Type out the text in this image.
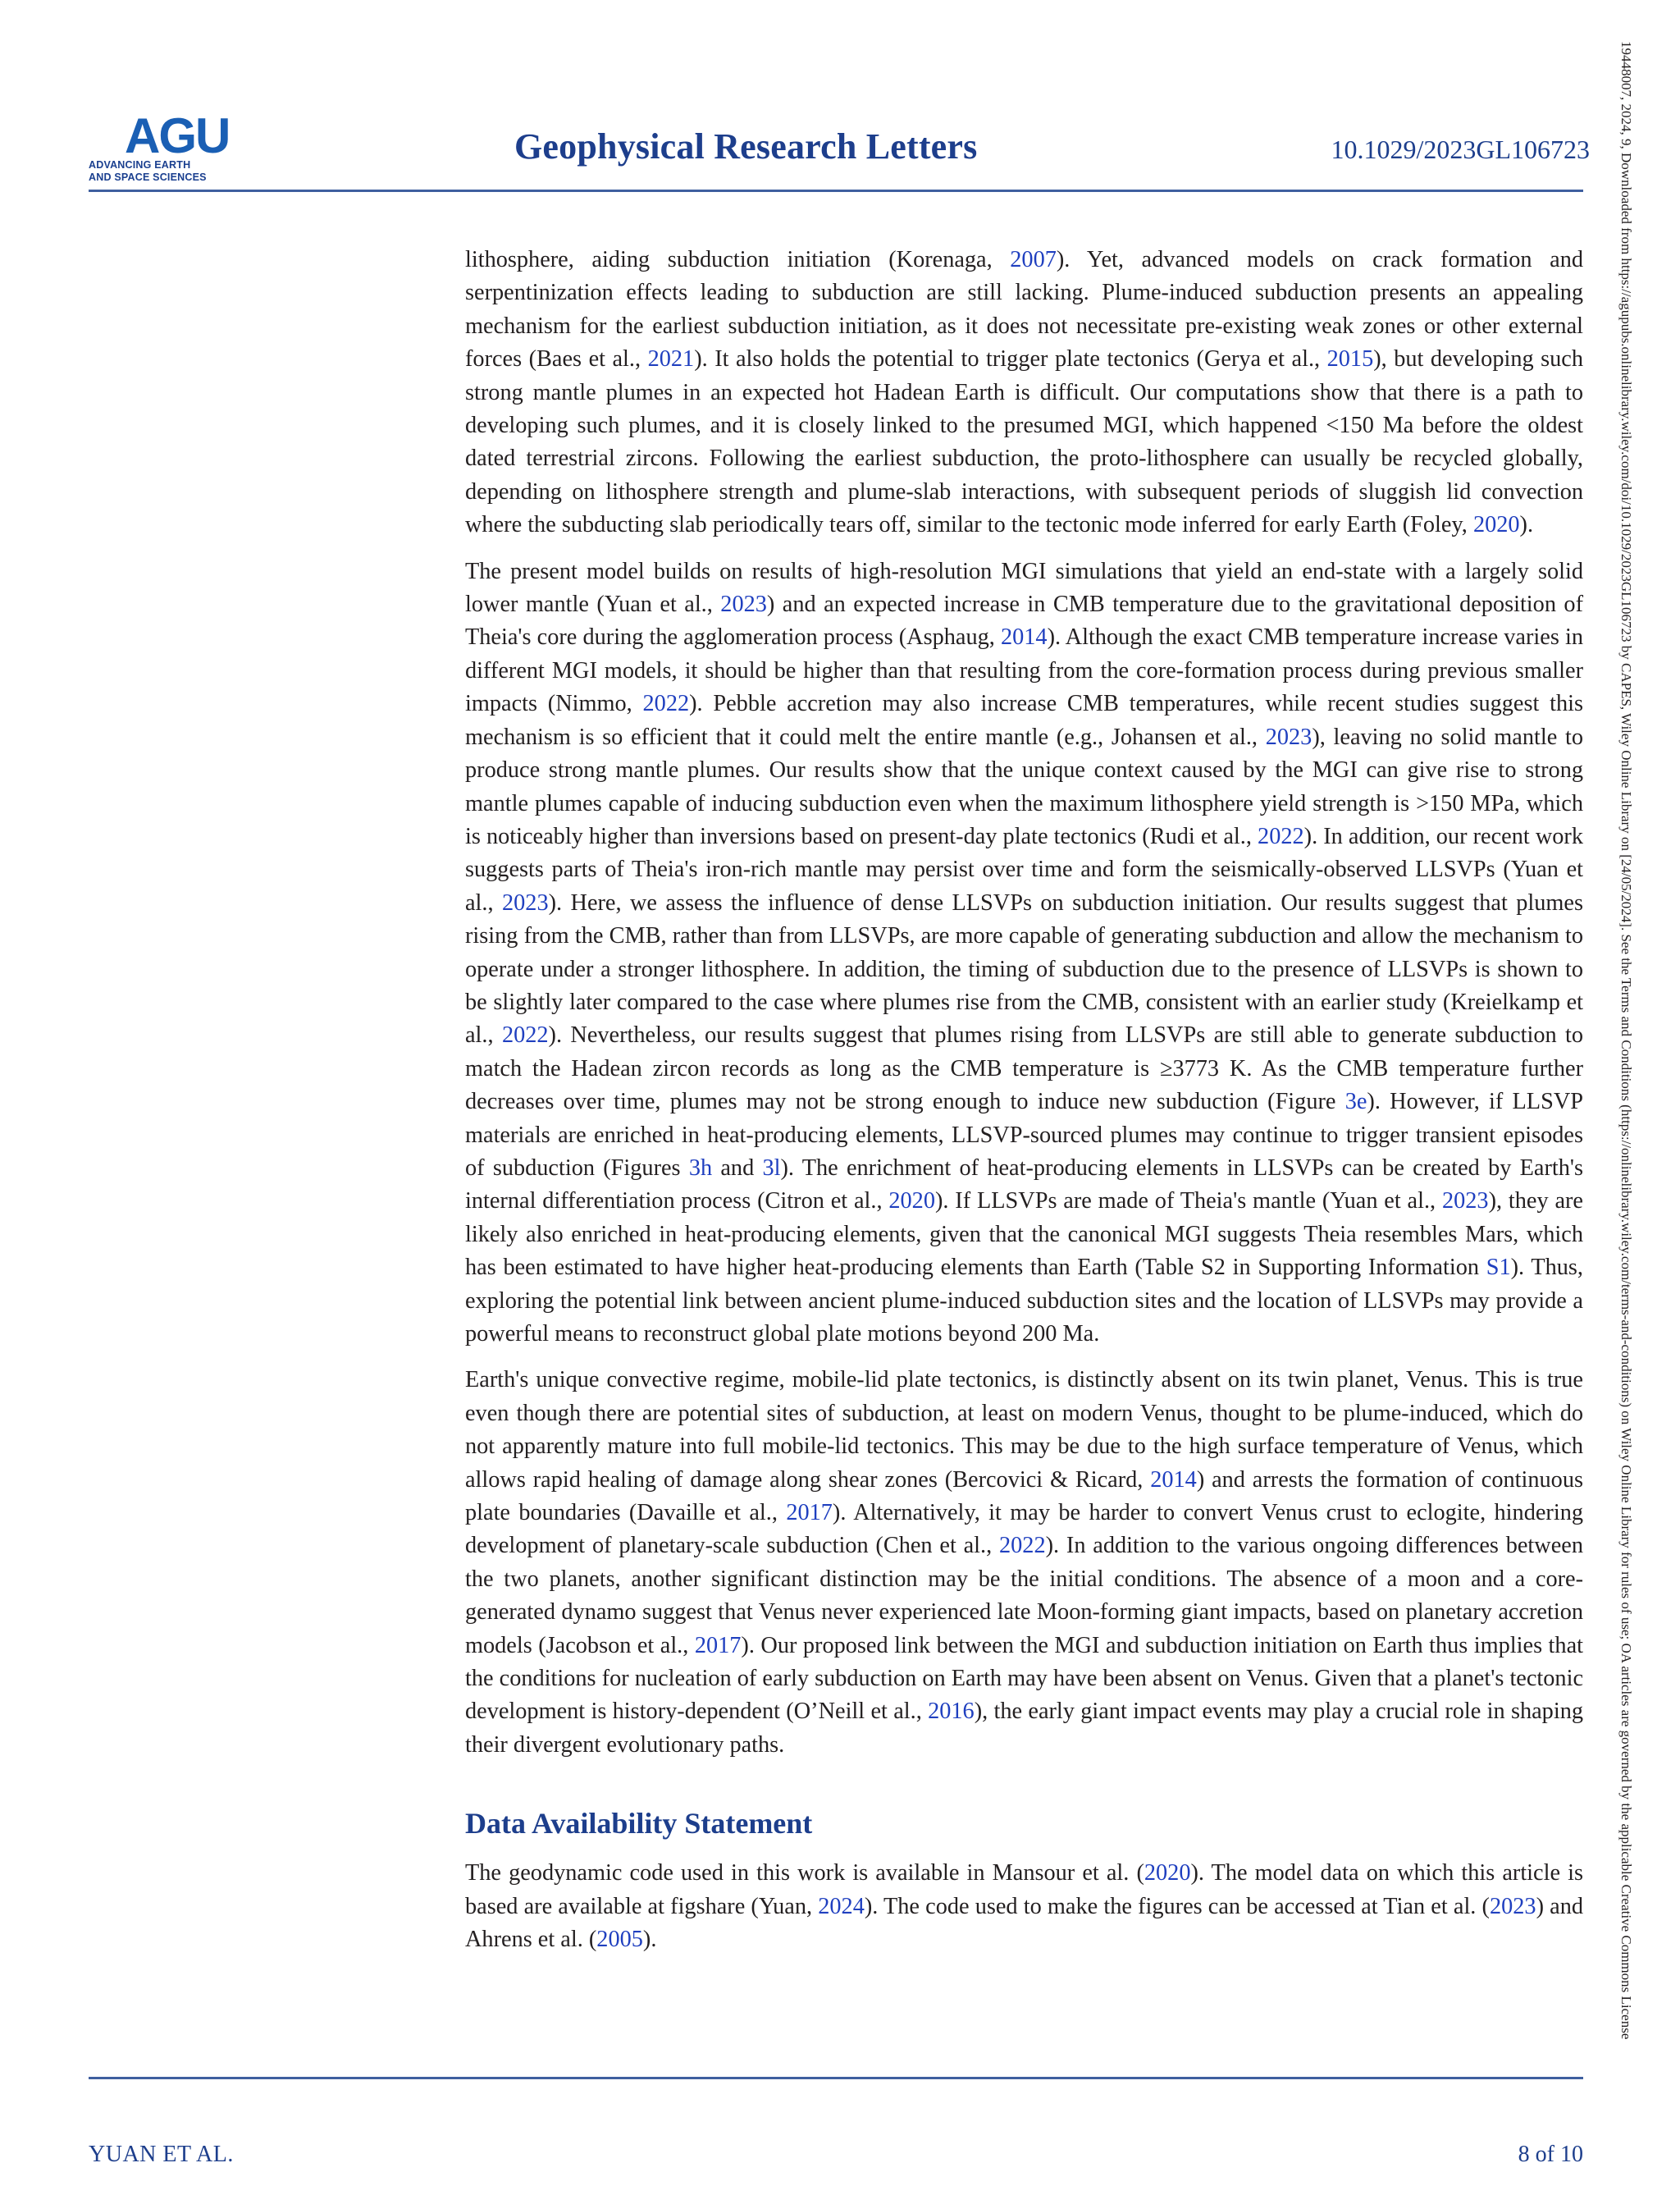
AGU
ADVANCING EARTH
AND SPACE SCIENCES
Geophysical Research Letters	10.1029/2023GL106723

lithosphere, aiding subduction initiation (Korenaga, 2007). Yet, advanced models on crack formation and serpentinization effects leading to subduction are still lacking. Plume-induced subduction presents an appealing mechanism for the earliest subduction initiation, as it does not necessitate pre-existing weak zones or other external forces (Baes et al., 2021). It also holds the potential to trigger plate tectonics (Gerya et al., 2015), but developing such strong mantle plumes in an expected hot Hadean Earth is difficult. Our computations show that there is a path to developing such plumes, and it is closely linked to the presumed MGI, which happened <150 Ma before the oldest dated terrestrial zircons. Following the earliest subduction, the proto-lithosphere can usually be recycled globally, depending on lithosphere strength and plume-slab interactions, with subsequent periods of sluggish lid convection where the subducting slab periodically tears off, similar to the tectonic mode inferred for early Earth (Foley, 2020).

The present model builds on results of high-resolution MGI simulations that yield an end-state with a largely solid lower mantle (Yuan et al., 2023) and an expected increase in CMB temperature due to the gravitational deposition of Theia's core during the agglomeration process (Asphaug, 2014). Although the exact CMB temperature increase varies in different MGI models, it should be higher than that resulting from the core-formation process during previous smaller impacts (Nimmo, 2022). Pebble accretion may also increase CMB temperatures, while recent studies suggest this mechanism is so efficient that it could melt the entire mantle (e.g., Johansen et al., 2023), leaving no solid mantle to produce strong mantle plumes. Our results show that the unique context caused by the MGI can give rise to strong mantle plumes capable of inducing subduction even when the maximum lithosphere yield strength is >150 MPa, which is noticeably higher than inversions based on present-day plate tectonics (Rudi et al., 2022). In addition, our recent work suggests parts of Theia's iron-rich mantle may persist over time and form the seismically-observed LLSVPs (Yuan et al., 2023). Here, we assess the influence of dense LLSVPs on subduction initiation. Our results suggest that plumes rising from the CMB, rather than from LLSVPs, are more capable of generating subduction and allow the mechanism to operate under a stronger lithosphere. In addition, the timing of subduction due to the presence of LLSVPs is shown to be slightly later compared to the case where plumes rise from the CMB, consistent with an earlier study (Kreielkamp et al., 2022). Nevertheless, our results suggest that plumes rising from LLSVPs are still able to generate subduction to match the Hadean zircon records as long as the CMB temperature is ≥3773 K. As the CMB temperature further decreases over time, plumes may not be strong enough to induce new subduction (Figure 3e). However, if LLSVP materials are enriched in heat-producing elements, LLSVP-sourced plumes may continue to trigger transient episodes of subduction (Figures 3h and 3l). The enrichment of heat-producing elements in LLSVPs can be created by Earth's internal differentiation process (Citron et al., 2020). If LLSVPs are made of Theia's mantle (Yuan et al., 2023), they are likely also enriched in heat-producing elements, given that the canonical MGI suggests Theia resembles Mars, which has been estimated to have higher heat-producing elements than Earth (Table S2 in Supporting Information S1). Thus, exploring the potential link between ancient plume-induced subduction sites and the location of LLSVPs may provide a powerful means to reconstruct global plate motions beyond 200 Ma.

Earth's unique convective regime, mobile-lid plate tectonics, is distinctly absent on its twin planet, Venus. This is true even though there are potential sites of subduction, at least on modern Venus, thought to be plume-induced, which do not apparently mature into full mobile-lid tectonics. This may be due to the high surface temperature of Venus, which allows rapid healing of damage along shear zones (Bercovici & Ricard, 2014) and arrests the formation of continuous plate boundaries (Davaille et al., 2017). Alternatively, it may be harder to convert Venus crust to eclogite, hindering development of planetary-scale subduction (Chen et al., 2022). In addition to the various ongoing differences between the two planets, another significant distinction may be the initial conditions. The absence of a moon and a core-generated dynamo suggest that Venus never experienced late Moon-forming giant impacts, based on planetary accretion models (Jacobson et al., 2017). Our proposed link between the MGI and subduction initiation on Earth thus implies that the conditions for nucleation of early subduction on Earth may have been absent on Venus. Given that a planet's tectonic development is history-dependent (O’Neill et al., 2016), the early giant impact events may play a crucial role in shaping their divergent evolutionary paths.

Data Availability Statement

The geodynamic code used in this work is available in Mansour et al. (2020). The model data on which this article is based are available at figshare (Yuan, 2024). The code used to make the figures can be accessed at Tian et al. (2023) and Ahrens et al. (2005).

YUAN ET AL.	8 of 10
19448007, 2024, 9, Downloaded from https://agupubs.onlinelibrary.wiley.com/doi/10.1029/2023GL106723 by CAPES, Wiley Online Library on [24/05/2024]. See the Terms and Conditions (https://onlinelibrary.wiley.com/terms-and-conditions) on Wiley Online Library for rules of use; OA articles are governed by the applicable Creative Commons License
